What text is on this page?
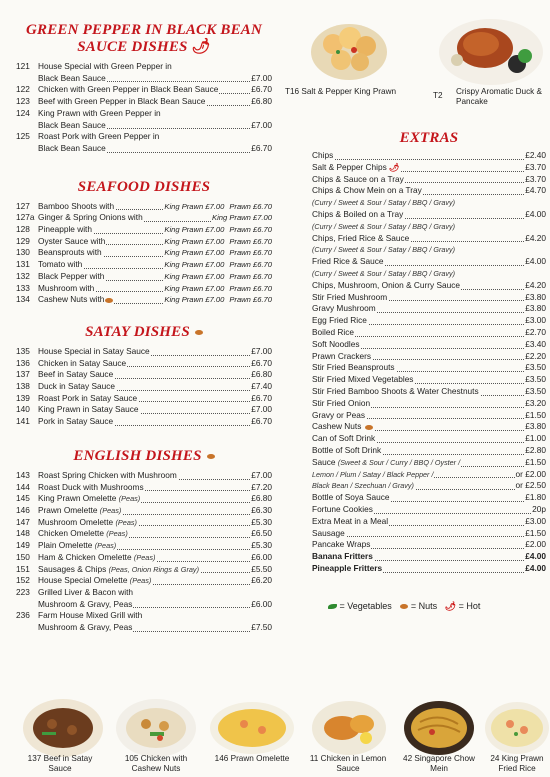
GREEN PEPPER IN BLACK BEAN
SAUCE DISHES 🌶
121 House Special with Green Pepper in
Black Bean Sauce	£7.00
122 Chicken with Green Pepper in Black Bean Sauce	£6.70
123 Beef with Green Pepper in Black Bean Sauce	£6.80
124 King Prawn with Green Pepper in
Black Bean Sauce	£7.00
125 Roast Pork with Green Pepper in
Black Bean Sauce	£6.70
SEAFOOD DISHES
127 Bamboo Shoots with	King Prawn £7.00 Prawn £6.70
127a Ginger & Spring Onions with	King Prawn £7.00
128 Pineapple with	King Prawn £7.00 Prawn £6.70
129 Oyster Sauce with	King Prawn £7.00 Prawn £6.70
130 Beansprouts with	King Prawn £7.00 Prawn £6.70
131 Tomato with	King Prawn £7.00 Prawn £6.70
132 Black Pepper with	King Prawn £7.00 Prawn £6.70
133 Mushroom with	King Prawn £7.00 Prawn £6.70
134 Cashew Nuts with	King Prawn £7.00 Prawn £6.70
SATAY DISHES
135 House Special in Satay Sauce	£7.00
136 Chicken in Satay Sauce	£6.70
137 Beef in Satay Sauce	£6.80
138 Duck in Satay Sauce	£7.40
139 Roast Pork in Satay Sauce	£6.70
140 King Prawn in Satay Sauce	£7.00
141 Pork in Satay Sauce	£6.70
ENGLISH DISHES
143 Roast Spring Chicken with Mushroom	£7.00
144 Roast Duck with Mushrooms	£7.20
145 King Prawn Omelette (Peas)	£6.80
146 Prawn Omelette (Peas)	£6.30
147 Mushroom Omelette (Peas)	£5.30
148 Chicken Omelette (Peas)	£6.50
149 Plain Omelette (Peas)	£5.30
150 Ham & Chicken Omelette (Peas)	£6.00
151 Sausages & Chips (Peas, Onion Rings & Gray)	£5.50
152 House Special Omelette (Peas)	£6.20
223 Grilled Liver & Bacon with
Mushroom & Gravy, Peas	£6.00
236 Farm House Mixed Grill with
Mushroom & Gravy, Peas	£7.50
T16 Salt & Pepper King Prawn	T2	Crispy Aromatic Duck & Pancake
EXTRAS
Chips	£2.40
Salt & Pepper Chips 🌶	£3.70
Chips & Sauce on a Tray	£3.70
Chips & Chow Mein on a Tray	£4.70
(Curry / Sweet & Sour / Satay / BBQ / Gravy)
Chips & Boiled on a Tray	£4.00
(Curry / Sweet & Sour / Satay / BBQ / Gravy)
Chips, Fried Rice & Sauce	£4.20
(Curry / Sweet & Sour / Satay / BBQ / Gravy)
Fried Rice & Sauce	£4.00
(Curry / Sweet & Sour / Satay / BBQ / Gravy)
Chips, Mushroom, Onion & Curry Sauce	£4.20
Stir Fried Mushroom	£3.80
Gravy Mushroom	£3.80
Egg Fried Rice	£3.00
Boiled Rice	£2.70
Soft Noodles	£3.40
Prawn Crackers	£2.20
Stir Fried Beansprouts	£3.50
Stir Fried Mixed Vegetables	£3.50
Stir Fried Bamboo Shoots & Water Chestnuts	£3.50
Stir Fried Onion	£3.20
Gravy or Peas	£1.50
Cashew Nuts	£3.80
Can of Soft Drink	£1.00
Bottle of Soft Drink	£2.80
Sauce (Sweet & Sour / Curry / BBQ / Oyster /	£1.50
Lemon / Plum / Satay / Black Pepper /	or £2.00
Black Bean / Szechuan / Gravy)	or £2.50
Bottle of Soya Sauce	£1.80
Fortune Cookies	20p
Extra Meat in a Meal	£3.00
Sausage	£1.50
Pancake Wraps	£2.00
Banana Fritters	£4.00
Pineapple Fritters	£4.00
= Vegetables = Nuts 🌶 = Hot
137 Beef in Satay Sauce
105 Chicken with Cashew Nuts
146 Prawn Omelette	11 Chicken in Lemon Sauce
42 Singapore Chow Mein
24 King Prawn Fried Rice
